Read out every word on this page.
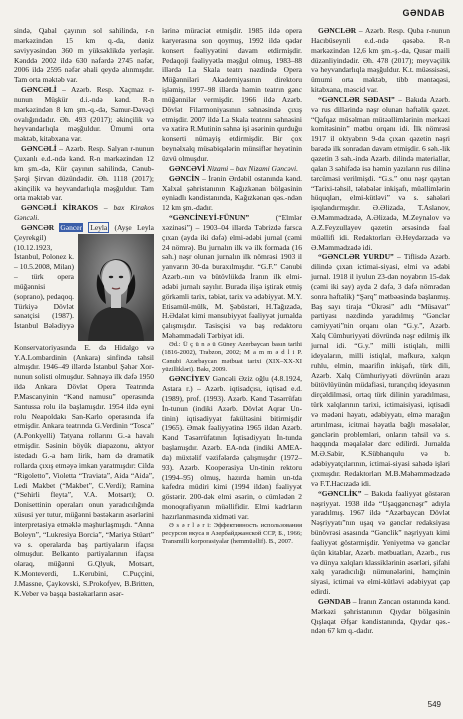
GƏNDAB

sində, Qabal çayının sol sahilində, r-n mərkəzindən 15 km q.-da, dəniz səviyyəsindən 360 m yüksəklikdə yerləşir. Kənddə 2002 ildə 630 nəfərdə 2745 nəfər, 2006 ildə 2595 nəfər əhali qeydə alınmışdır. Tam orta məktəb var.

GƏNCƏLİ – Azərb. Resp. Xaçmaz r-nunun Müşkür d.i.-ndə kənd. R-n mərkəzindən 8 km şm.-q.-də, Samur-Dəvəçi ovalığındadır. Əh. 493 (2017); əkinçilik və heyvandarlıqla məşğuldur. Ümumi orta məktəb, kitabxana var.

GƏNCƏLİ – Azərb. Resp. Salyan r-nunun Çuxanlı e.d.-ndə kənd. R-n mərkəzindən 12 km şm.-də, Kür çayının sahilində, Cənub-Şərqi Şirvan düzündədir. Əh. 1118 (2017); əkinçilik və heyvandarlıqla məşğuldur. Tam orta məktəb var.

GƏNCƏLİ KİRAKOS – bax Kirakos Gəncəli.

GƏNCƏR Gəncer Leyla
(Ayşe Leyla Çeyrekgil) (10.12.1923, İstanbul, Polonez k. – 10.5.2008, Milan) – türk opera müğənnisi (soprano), pedaqoq. Türkiyə Dövlət sənətçisi (1987). İstanbul Bələdiyyə Konservatoriyasında E. də Hidalgo və Y.A.Lombardinin (Ankara) sinfində təhsil almışdır. 1946–49 illərdə İstanbul Şəhər Xor-nunun solisti olmuşdur. Səhnəyə ilk dəfə 1950 ildə Ankara Dövlət Opera Teatrında P.Mascanyinin “Kənd namusu” operasında Santussa rolu ilə başlamışdır. 1954 ildə eyni rolu Neapoldakı San-Karlo operasında ifa etmişdir. Ankara teatrında G.Verdinin “Tosca” (A.Ponkyelli) Tatyana rollarını G.-a havalı etmişdir. Səsinin böyük diapazonu, aktyor istedadı G.-a həm lirik, həm də dramatik rollarda çıxış etməyə imkan yaratmışdır: Cilda “Rigoletto”, Violetta “Traviata”, Aida “Aida”, Ledi Makbet (“Makbet”, C.Verdi); Ramina (“Sehirli fleyta”, V.A. Motsart); O. Donisettinin operaları onun yaradıcılığında xüsusi yer tutur, müğənni bəstəkarın əsərlərini interpretasiya etməklə məşhurlaşmışdı. “Anna Boleyn”, “Lukresiya Borcia”, “Mariya Stüart” və s. operalarda baş partiyaların ifaçısı olmuşdur. Belkanto partiyalarının ifaçısı olaraq, müğənni G.Qlyuk, Motsart, K.Monteverdi, L.Kerubini, C.Puççini, J.Massne, Çaykovski, S.Prokofyev, B.Britten, K.Veber və başqa bəstəkarların əsər-

lərinə müraciət etmişdir. 1985 ildə opera karyerasına son qoymuş, 1992 ildə qədər konsert fəaliyyətini davam etdirmişdir. Pedaqoji fəaliyyətlə məşğul olmuş, 1983–88 illərdə La Skala teatrı nəzdində Opera Müğənniləri Akademiyasının direktoru işləmiş, 1997–98 illərdə həmin teatrın gənc müğənnilər vermişdir. 1966 ildə Azərb. Dövlət Filarmoniyasının səhnəsində çıxış etmişdir. 2007 ildə La Skala teatrını səhnəsini və xatirə R.Mutinin səhnə işi əsərinin qurduğu konserti nümayiş etdirmişdir. Bir çox beynəlxalq müsabiqələrin münsiflər heyətinin üzvü olmuşdur.

GƏNCƏVİ Nizami – bax Nizami Gəncəvi.

GƏNCİN – İrənin Ərdəbil ostanında kənd. Xalxal şəhristanının Kağızkənan bölgəsinin eyniadlı kəndistanında, Kağızkənan qəs.-ndən 12 km şm.-dadır.

“GƏNCİNEYİ-FÜNUN” (“Elmlər xəzinəsi”) – 1903–04 illərdə Təbrizdə farsca çıxan (ayda iki dəfə) elmi-ədəbi jurnal (cəmi 24 nömrə). Bu jurnalın ilk və ilk formada (16 səh.) nəşr olunan jurnalın ilk nömrəsi 1903 il yanvarın 30-da buraxılmışdır. “G.F.” Cənubi Azərb.-nın və bütövlükdə İranın ilk elmi-ədəbi jurnalı sayılır. Burada ilişə iştirak etmiş görkəmli tarix, təbiət, tarix və ədəbiyyat. M.Y. Etisamül-mülk, M. Şəbüstəri, H.Tağızadə, H.Ədalət kimi mənsubiyyət fəaliyyət jurnalda çalışmışdır. Tasisçisi və baş redaktoru Məhəmmədəli Tərbiyət idi.

Əd.: Ü ç ü n ə ü Güney Azerbaycan basın tarihi (1816-2002), Trabzon, 2002; M a m m ə d l i P. Cənubi Azərbaycan mətbuat tarixi (XIX–XX-XI yüzillikləri). Bakı, 2009.

GƏNCİYEV Gəncəli Əziz oğlu (4.8.1924, Astara r.) – Azərb. iqtisadçısı, iqtisad e.d. (1989), prof. (1993). Azərb. Kənd Təsərrüfatı İn-tunun (indiki Azərb. Dövlət Aqrar Un-tinin) iqtisadiyyat fakültəsini bitirmişdir (1965). Əmək fəaliyyətinə 1965 ildən Azərb. Kənd Təsərrüfatının İqtisadiyyatı İn-tunda başlamışdır. Azərb. EA-nda (indiki AMEA-da) müxtəlif vəzifələrdə çalışmışdır (1972–93). Azərb. Kooperasiya Un-tinin rektoru (1994–95) olmuş, hazırda həmin un-tda kafedra müdiri kimi (1994 ildən) fəaliyyət göstərir. 200-dək elmi əsərin, o cümlədən 2 monoqrafiyanın müəllifidir. Elmi kadrların hazırlanmasında xidməti var.

Ə s ə r l ə r i: Эффективность использования ресурсов вкуса в Азербайджанской ССР, Б., 1966; Transmilli korporasiyalar (hemmüəllif). B., 2007.

GƏNCLƏR – Azərb. Resp. Quba r-nunun Hacıbüseynli e.d.-ndə qəsəbə. R-n mərkəzindən 12,6 km şm.-ş.-da, Qusar maili düzənliyindədir. Əh. 478 (2017); meyvəçilik və heyvandarlıqla məşğuldur. K.t. müəssisəsi, ümumi orta məktəb, tibb məntəqəsi, kitabxana, məscid var.

“GƏNCLƏR SƏDASI” – Bakıda Azərb. və rus dillərində nəşr olunan həftəlik qəzet. “Qafqaz müsəlman mütəəllimlərinin mərkəzi komitəsinin” mətbu orqanı idi. İlk nömrəsi 1917 il oktyabrın 9-da çıxan qəzetin nəşri barədə ilk sonradan davam etmişdir. 6 səh.-lik qəzetin 3 səh.-ində Azərb. dilində materiallar, qalan 3 səhifədə isə həmin yazıların rus dilinə tərcüməsi verilmişdi. “G.s.” onu nəşr qaytan “Tarixi-təhsil, tələbələr inkişafı, müəllimlərin hüquqları, elmi-kütləvi” və s. sahələri işıqlandırmışdır. Ə.Əlizadə, T.Aslanov, Ə.Məmmədzadə, A.Əlizadə, M.Zeynalov və A.Z.Feyzullayev qəzetin ərsəsində fəal müəllifi idi. Redaktorları Ə.Heydərzadə və Ə.Məmmədzadə idi.

“GƏNCLƏR YURDU” – Tiflisdə Azərb. dilində çıxan ictimai-siyasi, elmi və ədəbi jurnal. 1918 il iyulun 23-dən noyabrın 15-dək (cəmi iki say) ayda 2 dəfə, 3 dəfə nömrədən sonra həftəlik) “Şərq” mətbəəsində başlanmış. Baş sayı tiraja “Ükrəsi” adlı “Müsavat” partiyası nəzdində yaradılmış “Gənclər cəmiyyəti”nin orqanı olan “G.y.”, Azərb. Xalq Cümhuriyyəti dövründə nəşr edilmiş ilk jurnal idi. “G.y.” milli istiqlalı, milli ideyaların, milli istiqlal, məfkurə, xalqın ruhlu, elmin, maarifin inkişafı, türk dili, Azərb. Xalq Cümhuriyyəti dövrünün arazı bütövlüyünün müdafiəsi, turançılıq ideyasının dirçəldilməsi, ortaq türk dilinin yaradılması, türk xalqlarının tarixi, ictimaisiyasi, iqtisadi və mədəni həyatı, ədəbiyyatı, elmə marağın artırılması, icitmai həyatla bağlı məsələlər, gənclərin problemləri, onların təhsil və s. haqqında məqalələr dərc edilirdi. Jurnalda M.Ə.Sabir, K.Sübhanqulu və b. ədəbiyyatçılarının, ictimai-siyasi sahədə işləri çıxmışdır. Redaktorları M.B.Məhəmmədzadə və F.T.Hacızadə idi.

“GƏNCLİK” – Bakıda fəaliyyət göstərən nəşriyyat. 1938 ildə “Uşaqgəncnəşr” adıyla yaradılmış. 1967 ildə “Azərbaycan Dövlət Nəşriyyatı”nın uşaq və gənclər redaksiyası bünövrəsi əsasında “Gənclik” nəşriyyatı kimi fəaliyyət göstərmişdir. Yeniyetmə və gənclər üçün kitablar, Azərb. mətbuatları, Azərb., rus və dünya xalqları klassiklərinin əsərləri, şifahi xalq yaradıcılığı nümunələrini, həmçinin siyasi, ictimai və elmi-kütləvi ədəbiyyat çap edirdi.

GƏNDAB – İranın Zəncan ostanında kənd. Mərkəzi şəhristanının Qıydar bölgəsinin Qışlaqat Əfşar kəndistanında, Qıydar qəs.-ndən 67 km q.-dadır.

549
